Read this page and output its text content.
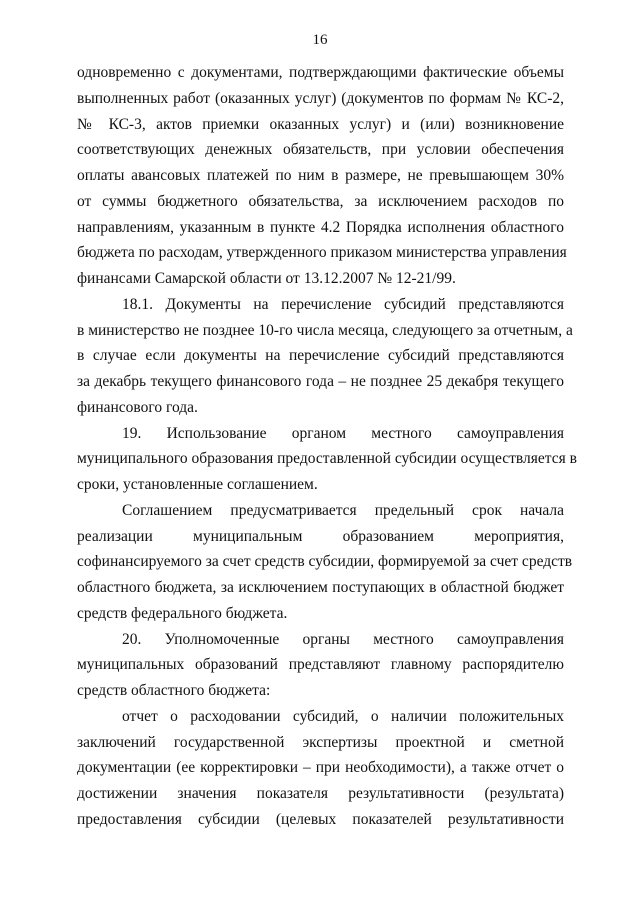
16
одновременно с документами, подтверждающими фактические объемы
выполненных работ (оказанных услуг) (документов по формам № КС-2,
№ КС-3, актов приемки оказанных услуг) и (или) возникновение
соответствующих денежных обязательств, при условии обеспечения
оплаты авансовых платежей по ним в размере, не превышающем 30%
от суммы бюджетного обязательства, за исключением расходов по
направлениям, указанным в пункте 4.2 Порядка исполнения областного
бюджета по расходам, утвержденного приказом министерства управления
финансами Самарской области от 13.12.2007 № 12-21/99.
18.1. Документы на перечисление субсидий представляются
в министерство не позднее 10-го числа месяца, следующего за отчетным, а
в случае если документы на перечисление субсидий представляются
за декабрь текущего финансового года – не позднее 25 декабря текущего
финансового года.
19. Использование органом местного самоуправления
муниципального образования предоставленной субсидии осуществляется в
сроки, установленные соглашением.
Соглашением предусматривается предельный срок начала
реализации муниципальным образованием мероприятия,
софинансируемого за счет средств субсидии, формируемой за счет средств
областного бюджета, за исключением поступающих в областной бюджет
средств федерального бюджета.
20. Уполномоченные органы местного самоуправления
муниципальных образований представляют главному распорядителю
средств областного бюджета:
отчет о расходовании субсидий, о наличии положительных
заключений государственной экспертизы проектной и сметной
документации (ее корректировки – при необходимости), а также отчет о
достижении значения показателя результативности (результата)
предоставления субсидии (целевых показателей результативности
